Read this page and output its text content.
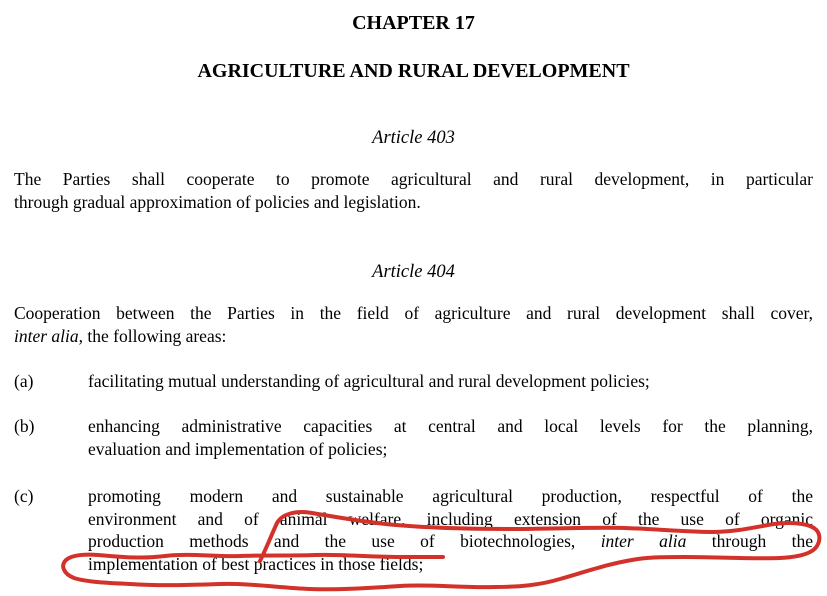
CHAPTER 17

AGRICULTURE AND RURAL DEVELOPMENT

Article 403

The Parties shall cooperate to promote agricultural and rural development, in particular
through gradual approximation of policies and legislation.

Article 404

Cooperation between the Parties in the field of agriculture and rural development shall cover,
inter alia, the following areas:
(a)	facilitating mutual understanding of agricultural and rural development policies;
(b)	enhancing administrative capacities at central and local levels for the planning,
evaluation and implementation of policies;
(c)	promoting modern and sustainable agricultural production, respectful of the
environment and of animal welfare, including extension of the use of organic
production methods and the use of biotechnologies, inter alia through the
implementation of best practices in those fields;
